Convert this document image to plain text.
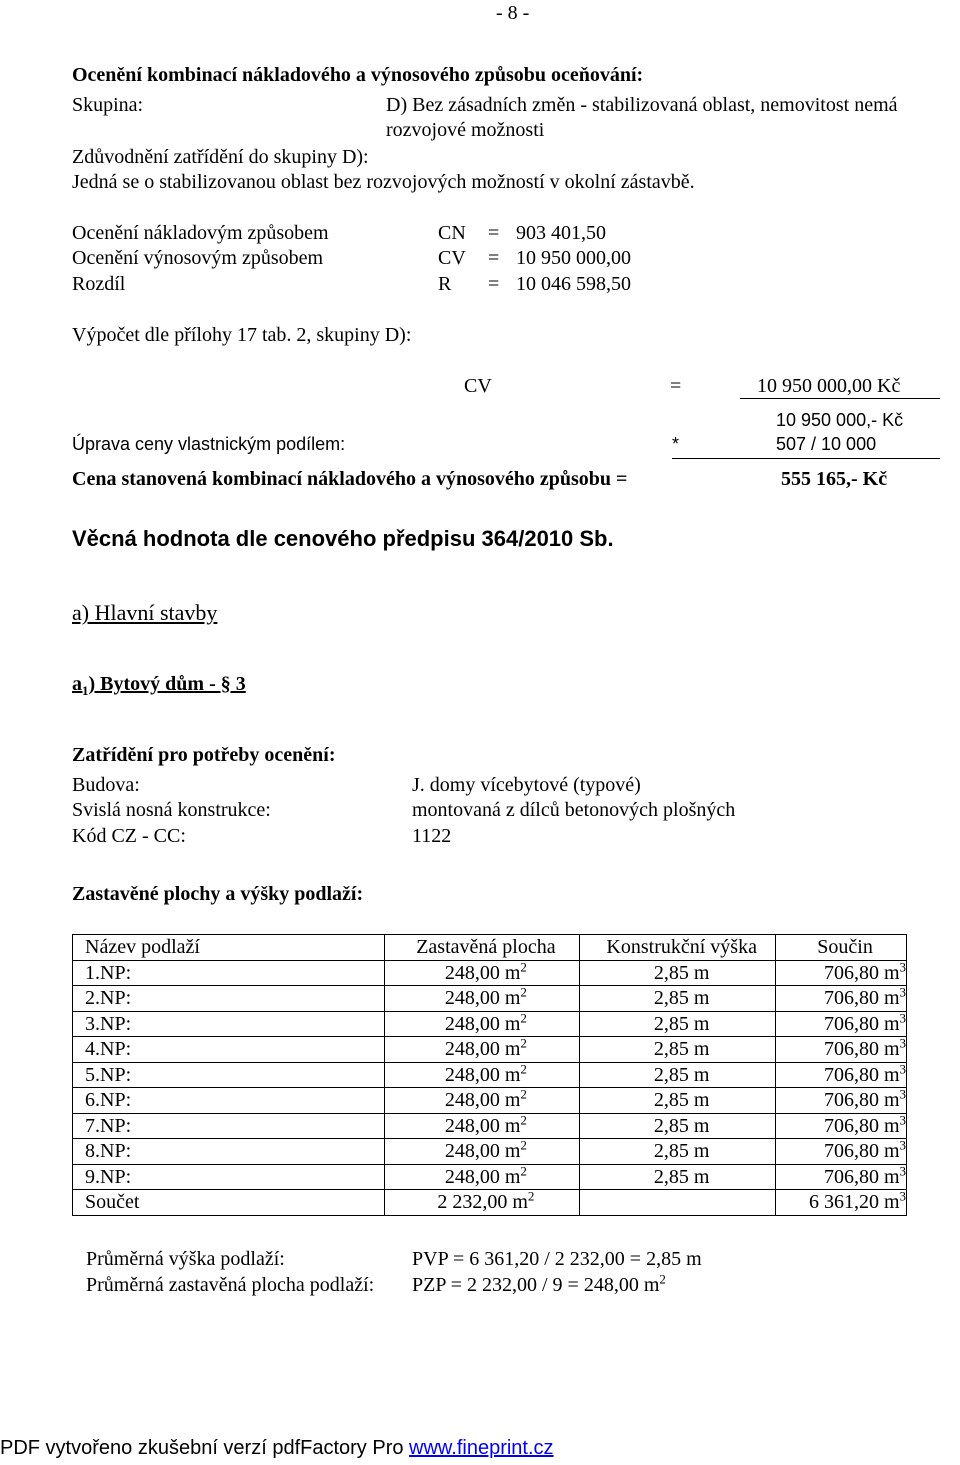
- 8 -
Ocenění kombinací nákladového a výnosového způsobu oceňování:
Skupina:	D) Bez zásadních změn - stabilizovaná oblast, nemovitost nemá
rozvojové možnosti
Zdůvodnění zatřídění do skupiny D):
Jedná se o stabilizovanou oblast bez rozvojových možností v okolní zástavbě.
Ocenění nákladovým způsobem	CN = 903 401,50
Ocenění výnosovým způsobem	CV = 10 950 000,00
Rozdíl	R = 10 046 598,50
Výpočet dle přílohy 17 tab. 2, skupiny D):
CV	=	10 950 000,00 Kč
10 950 000,- Kč
Úprava ceny vlastnickým podílem:	*	507 / 10 000
Cena stanovená kombinací nákladového a výnosového způsobu =	555 165,- Kč
Věcná hodnota dle cenového předpisu 364/2010 Sb.
a) Hlavní stavby
$a_1$) Bytový dům - § 3
Zatřídění pro potřeby ocenění:
Budova:	J. domy vícebytové (typové)
Svislá nosná konstrukce:	montovaná z dílců betonových plošných
Kód CZ - CC:	1122
Zastavěné plochy a výšky podlaží:
Název podlaží	Zastavěná plocha	Konstrukční výška	Součin
1.NP:	248,00 $m^2$	2,85 m	706,80 $m^3$
2.NP:	248,00 $m^2$	2,85 m	706,80 $m^3$
3.NP:	248,00 $m^2$	2,85 m	706,80 $m^3$
4.NP:	248,00 $m^2$	2,85 m	706,80 $m^3$
5.NP:	248,00 $m^2$	2,85 m	706,80 $m^3$
6.NP:	248,00 $m^2$	2,85 m	706,80 $m^3$
7.NP:	248,00 $m^2$	2,85 m	706,80 $m^3$
8.NP:	248,00 $m^2$	2,85 m	706,80 $m^3$
9.NP:	248,00 $m^2$	2,85 m	706,80 $m^3$
Součet	2 232,00 $m^2$		6 361,20 $m^3$
Průměrná výška podlaží:	PVP = 6 361,20 / 2 232,00 = 2,85 m
Průměrná zastavěná plocha podlaží: PZP = 2 232,00 / 9 = 248,00 $m^2$
PDF vytvořeno zkušební verzí pdfFactory Pro www.fineprint.cz
